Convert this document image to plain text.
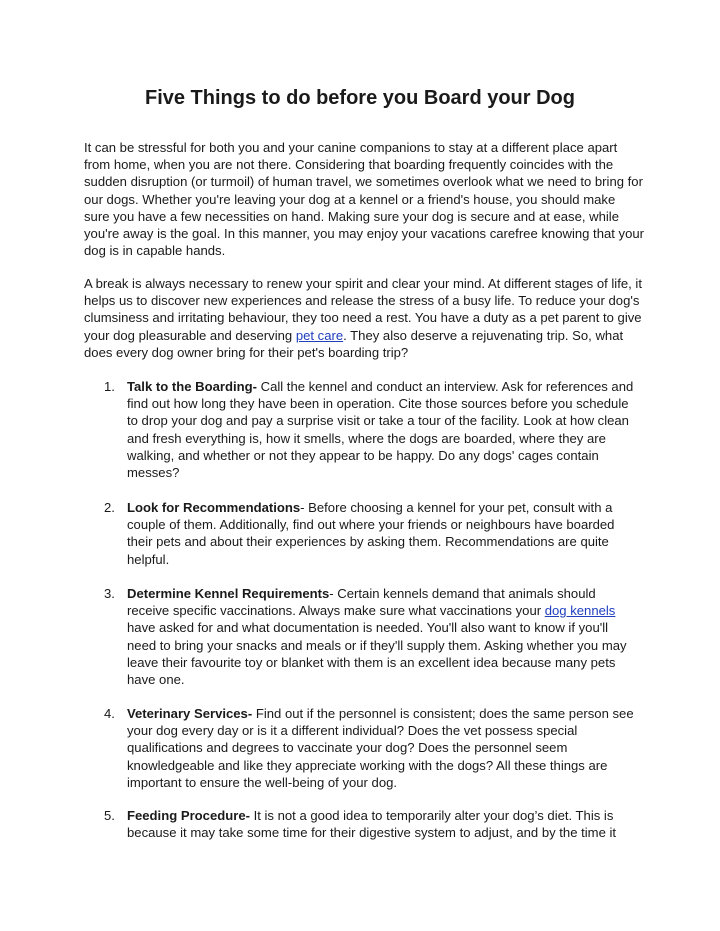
Five Things to do before you Board your Dog

It can be stressful for both you and your canine companions to stay at a different place apart from home, when you are not there. Considering that boarding frequently coincides with the sudden disruption (or turmoil) of human travel, we sometimes overlook what we need to bring for our dogs. Whether you're leaving your dog at a kennel or a friend's house, you should make sure you have a few necessities on hand. Making sure your dog is secure and at ease, while you're away is the goal. In this manner, you may enjoy your vacations carefree knowing that your dog is in capable hands.

A break is always necessary to renew your spirit and clear your mind. At different stages of life, it helps us to discover new experiences and release the stress of a busy life. To reduce your dog's clumsiness and irritating behaviour, they too need a rest. You have a duty as a pet parent to give your dog pleasurable and deserving pet care. They also deserve a rejuvenating trip. So, what does every dog owner bring for their pet's boarding trip?

1. Talk to the Boarding- Call the kennel and conduct an interview. Ask for references and find out how long they have been in operation. Cite those sources before you schedule to drop your dog and pay a surprise visit or take a tour of the facility. Look at how clean and fresh everything is, how it smells, where the dogs are boarded, where they are walking, and whether or not they appear to be happy. Do any dogs' cages contain messes?
2. Look for Recommendations- Before choosing a kennel for your pet, consult with a couple of them. Additionally, find out where your friends or neighbours have boarded their pets and about their experiences by asking them. Recommendations are quite helpful.
3. Determine Kennel Requirements- Certain kennels demand that animals should receive specific vaccinations. Always make sure what vaccinations your dog kennels have asked for and what documentation is needed. You'll also want to know if you'll need to bring your snacks and meals or if they'll supply them. Asking whether you may leave their favourite toy or blanket with them is an excellent idea because many pets have one.
4. Veterinary Services- Find out if the personnel is consistent; does the same person see your dog every day or is it a different individual? Does the vet possess special qualifications and degrees to vaccinate your dog? Does the personnel seem knowledgeable and like they appreciate working with the dogs? All these things are important to ensure the well-being of your dog.
5. Feeding Procedure- It is not a good idea to temporarily alter your dog’s diet. This is because it may take some time for their digestive system to adjust, and by the time it
